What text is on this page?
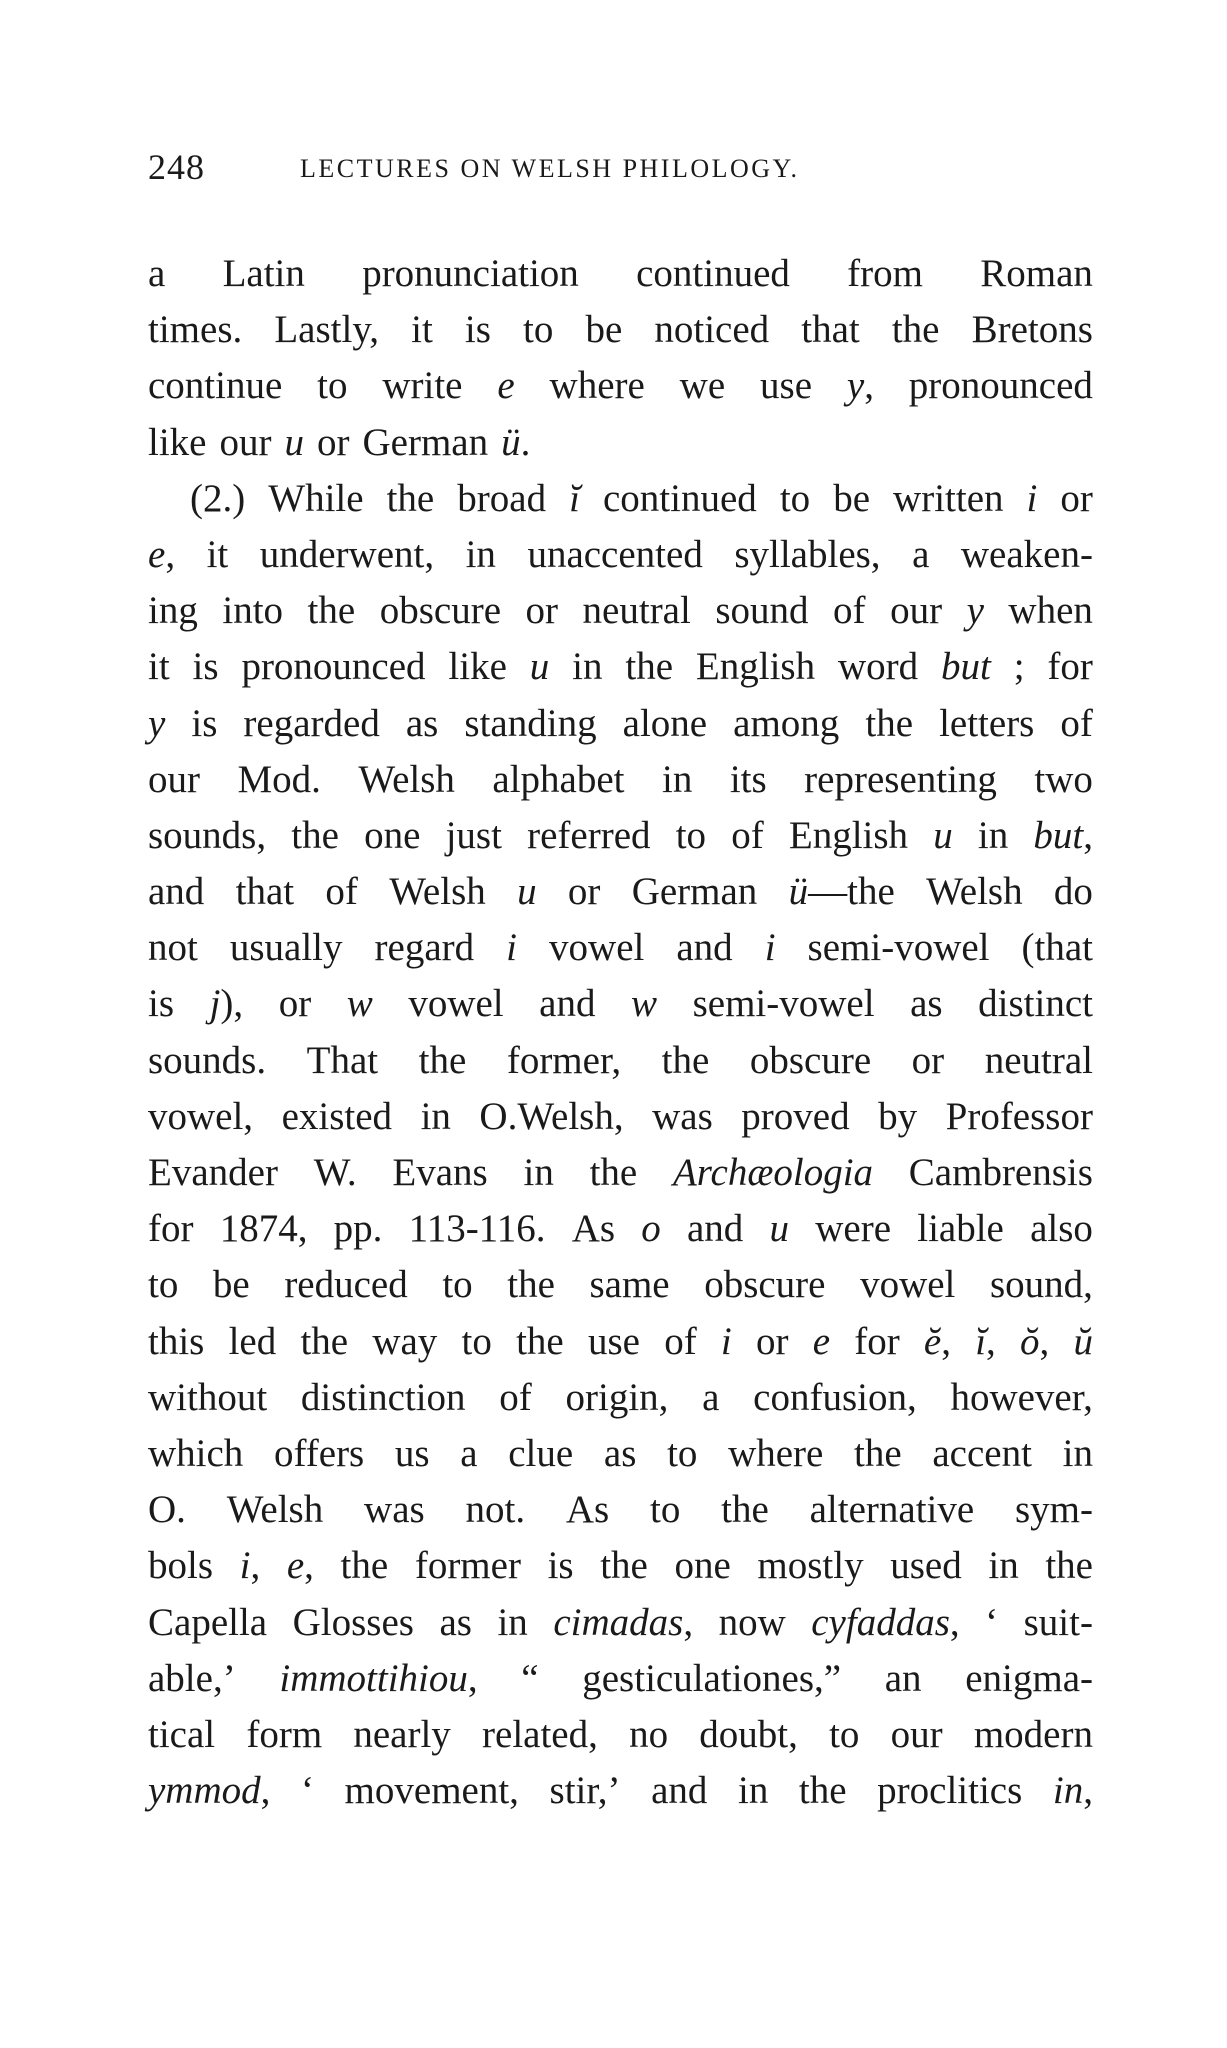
248	LECTURES ON WELSH PHILOLOGY.
a Latin pronunciation continued from Roman
times. Lastly, it is to be noticed that the Bretons
continue to write e where we use y, pronounced
like our u or German ü.
(2.) While the broad ĭ continued to be written i or
e, it underwent, in unaccented syllables, a weaken-
ing into the obscure or neutral sound of our y when
it is pronounced like u in the English word but ; for
y is regarded as standing alone among the letters of
our Mod. Welsh alphabet in its representing two
sounds, the one just referred to of English u in but,
and that of Welsh u or German ü—the Welsh do
not usually regard i vowel and i semi-vowel (that
is j), or w vowel and w semi-vowel as distinct
sounds. That the former, the obscure or neutral
vowel, existed in O.Welsh, was proved by Professor
Evander W. Evans in the Archæologia Cambrensis
for 1874, pp. 113-116. As o and u were liable also
to be reduced to the same obscure vowel sound,
this led the way to the use of i or e for ĕ, ĭ, ŏ, ŭ
without distinction of origin, a confusion, however,
which offers us a clue as to where the accent in
O. Welsh was not. As to the alternative sym-
bols i, e, the former is the one mostly used in the
Capella Glosses as in cimadas, now cyfaddas, ‘ suit-
able,’ immottihiou, “ gesticulationes,” an enigma-
tical form nearly related, no doubt, to our modern
ymmod, ‘ movement, stir,’ and in the proclitics in,
